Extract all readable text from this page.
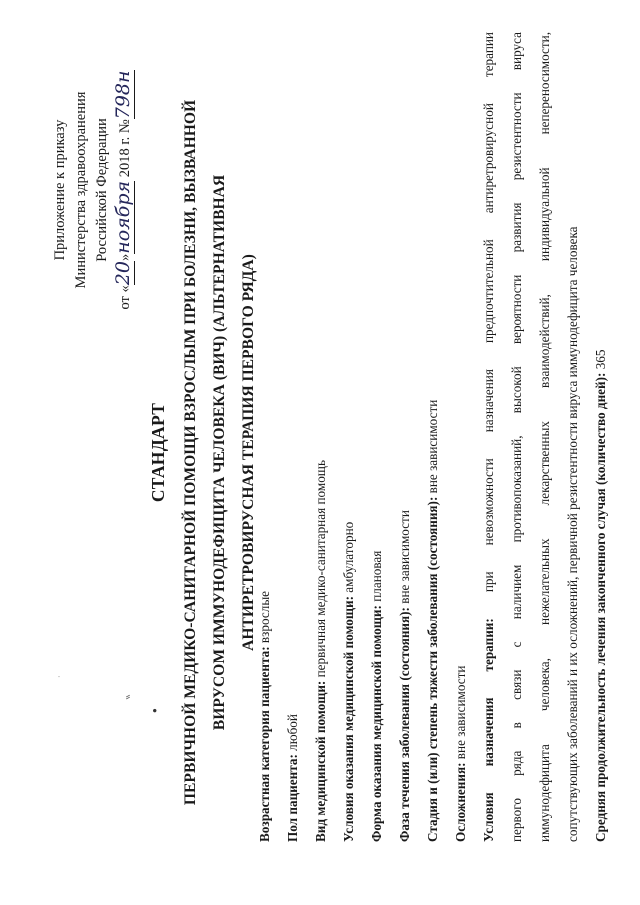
Приложение к приказу Министерства здравоохранения Российской Федерации
от «20»ноября 2018 г. №798н
⸗
·
●
СТАНДАРТ ПЕРВИЧНОЙ МЕДИКО-САНИТАРНОЙ ПОМОЩИ ВЗРОСЛЫМ ПРИ БОЛЕЗНИ, ВЫЗВАННОЙ ВИРУСОМ ИММУНОДЕФИЦИТА ЧЕЛОВЕКА (ВИЧ) (АЛЬТЕРНАТИВНАЯ АНТИРЕТРОВИРУСНАЯ ТЕРАПИЯ ПЕРВОГО РЯДА)
Возрастная категория пациента: взрослые
Пол пациента: любой Вид медицинской помощи: первичная медико-санитарная помощь
Условия оказания медицинской помощи: амбулаторно
Форма оказания медицинской помощи: плановая
Фаза течения заболевания (состояния): вне зависимости Стадия и (или) степень тяжести заболевания (состояния): вне зависимости
Осложнения: вне зависимости Условия назначения терапии: при невозможности назначения предпочтительной антиретровирусной терапии первого ряда в связи с наличием противопоказаний, высокой вероятности развития резистентности вируса иммунодефицита человека, нежелательных лекарственных взаимодействий, индивидуальной непереносимости, сопутствующих заболеваний и их осложнений, первичной резистентности вируса иммунодефицита человека Средняя продолжительность лечения законченного случая (количество дней): 365
